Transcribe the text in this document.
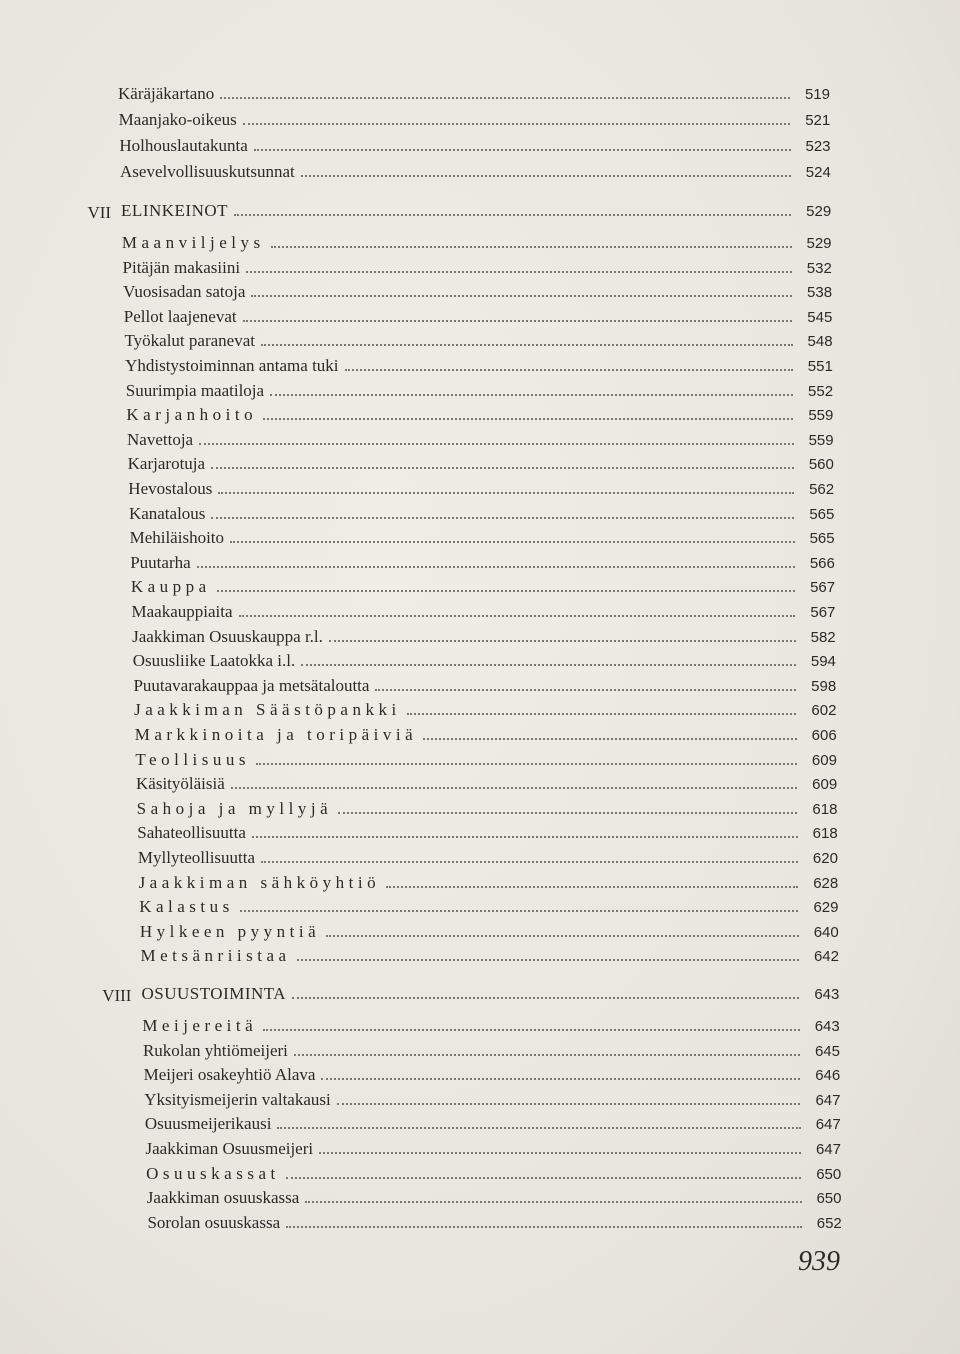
Käräjäkartano	519
Maanjako-oikeus	521
Holhouslautakunta	523
Asevelvollisuuskutsunnat	524
VII ELINKEINOT	529
Maanviljelys	529
Pitäjän makasiini	532
Vuosisadan satoja	538
Pellot laajenevat	545
Työkalut paranevat	548
Yhdistystoiminnan antama tuki	551
Suurimpia maatiloja	552
Karjanhoito	559
Navettoja	559
Karjarotuja	560
Hevostalous	562
Kanatalous	565
Mehiläishoito	565
Puutarha	566
Kauppa	567
Maakauppiaita	567
Jaakkiman Osuuskauppa r.l.	582
Osuusliike Laatokka i.l.	594
Puutavarakauppaa ja metsätaloutta	598
Jaakkiman Säästöpankki	602
Markkinoita ja toripäiviä	606
Teollisuus	609
Käsityöläisiä	609
Sahoja ja myllyjä	618
Sahateollisuutta	618
Myllyteollisuutta	620
Jaakkiman sähköyhtiö	628
Kalastus	629
Hylkeen pyyntiä	640
Metsänriistaa	642
VIII OSUUSTOIMINTA	643
Meijereitä	643
Rukolan yhtiömeijeri	645
Meijeri osakeyhtiö Alava	646
Yksityismeijerin valtakausi	647
Osuusmeijerikausi	647
Jaakkiman Osuusmeijeri	647
Osuuskassat	650
Jaakkiman osuuskassa	650
Sorolan osuuskassa	652
939
